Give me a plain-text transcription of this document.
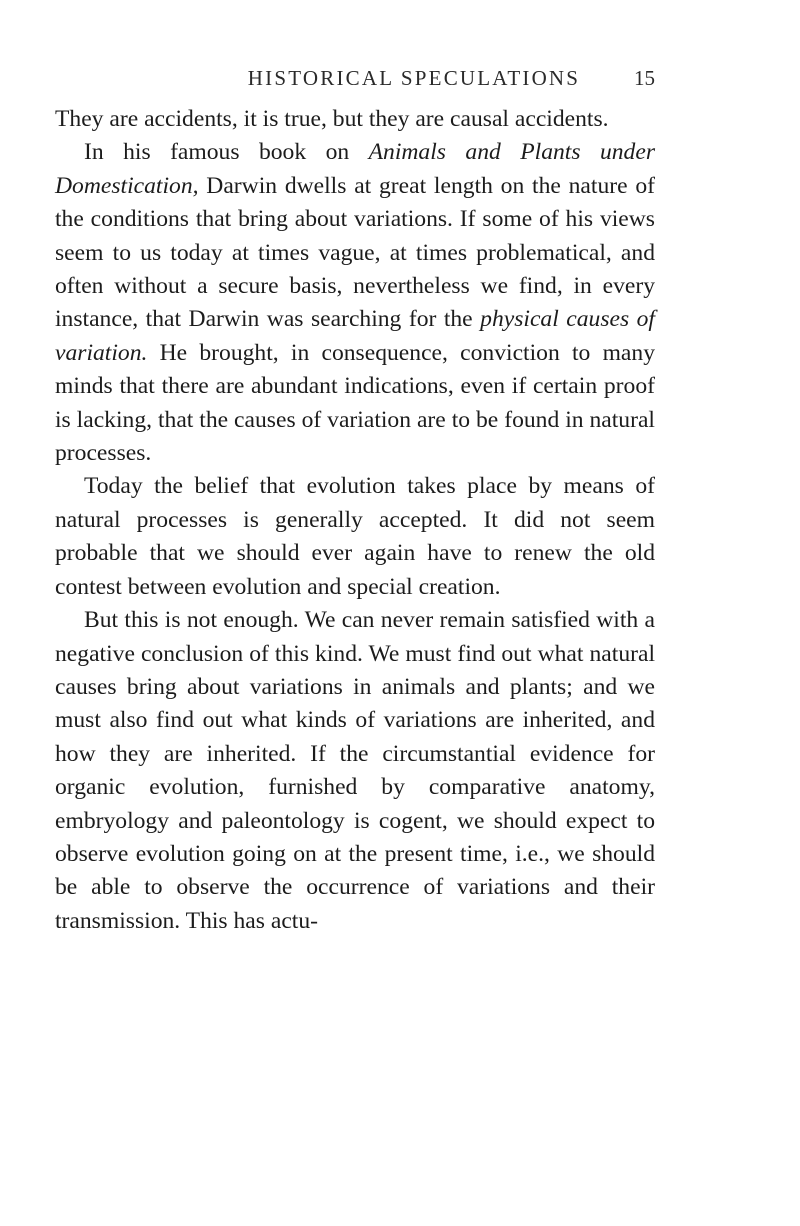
HISTORICAL SPECULATIONS	15

They are accidents, it is true, but they are causal accidents.

In his famous book on Animals and Plants under Domestication, Darwin dwells at great length on the nature of the conditions that bring about variations. If some of his views seem to us today at times vague, at times problematical, and often without a secure basis, nevertheless we find, in every instance, that Darwin was searching for the physical causes of variation. He brought, in consequence, conviction to many minds that there are abundant indications, even if certain proof is lacking, that the causes of variation are to be found in natural processes.

Today the belief that evolution takes place by means of natural processes is generally accepted. It did not seem probable that we should ever again have to renew the old contest between evolution and special creation.

But this is not enough. We can never remain satisfied with a negative conclusion of this kind. We must find out what natural causes bring about variations in animals and plants; and we must also find out what kinds of variations are inherited, and how they are inherited. If the circumstantial evidence for organic evolution, furnished by comparative anatomy, embryology and paleontology is cogent, we should expect to observe evolution going on at the present time, i.e., we should be able to observe the occurrence of variations and their transmission. This has actu-
